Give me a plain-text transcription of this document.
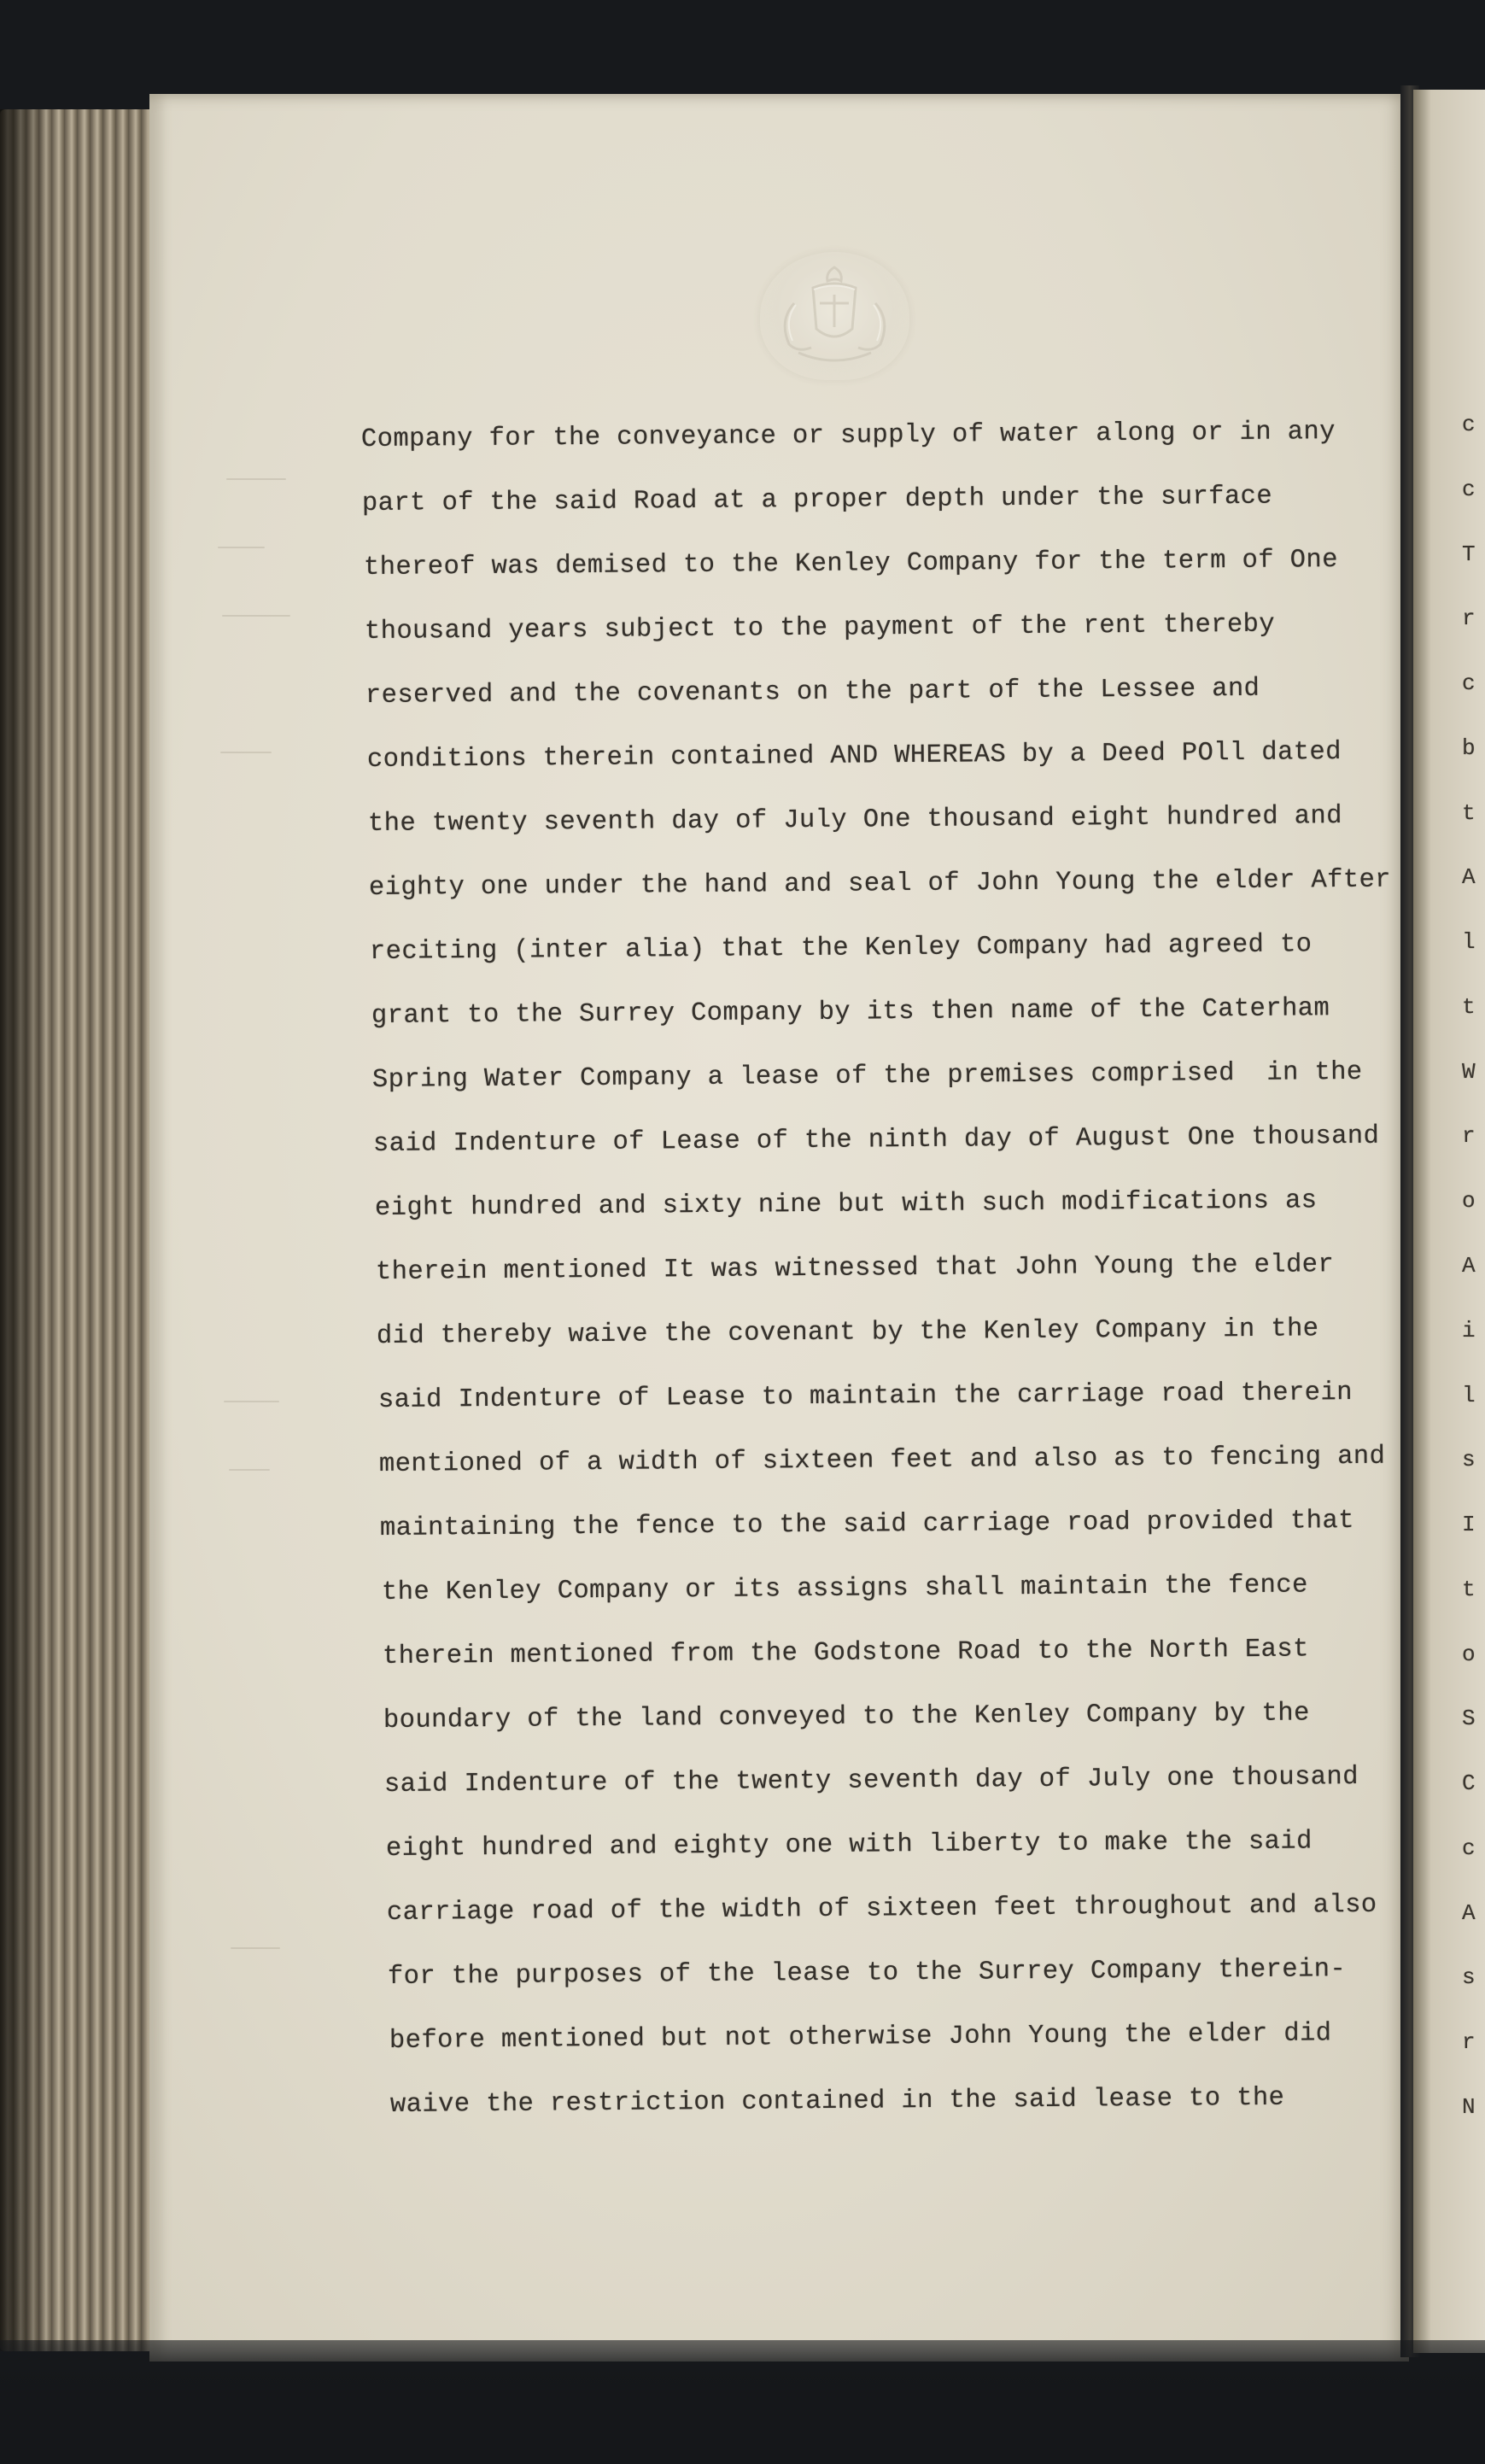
c
c
T
r
c
b
t
A
l
t
W
r
o
A
i
l
s
I
t
o
S
C
c
A
s
r
N

Company for the conveyance or supply of water along or in any

part of the said Road at a proper depth under the surface

thereof was demised to the Kenley Company for the term of One

thousand years subject to the payment of the rent thereby

reserved and the covenants on the part of the Lessee and

conditions therein contained AND WHEREAS by a Deed POll dated

the twenty seventh day of July One thousand eight hundred and

eighty one under the hand and seal of John Young the elder After

reciting (inter alia) that the Kenley Company had agreed to

grant to the Surrey Company by its then name of the Caterham

Spring Water Company a lease of the premises comprised  in the

said Indenture of Lease of the ninth day of August One thousand

eight hundred and sixty nine but with such modifications as

therein mentioned It was witnessed that John Young the elder

did thereby waive the covenant by the Kenley Company in the

said Indenture of Lease to maintain the carriage road therein

mentioned of a width of sixteen feet and also as to fencing and

maintaining the fence to the said carriage road provided that

the Kenley Company or its assigns shall maintain the fence

therein mentioned from the Godstone Road to the North East

boundary of the land conveyed to the Kenley Company by the

said Indenture of the twenty seventh day of July one thousand

eight hundred and eighty one with liberty to make the said

carriage road of the width of sixteen feet throughout and also

for the purposes of the lease to the Surrey Company therein-

before mentioned but not otherwise John Young the elder did

waive the restriction contained in the said lease to the
